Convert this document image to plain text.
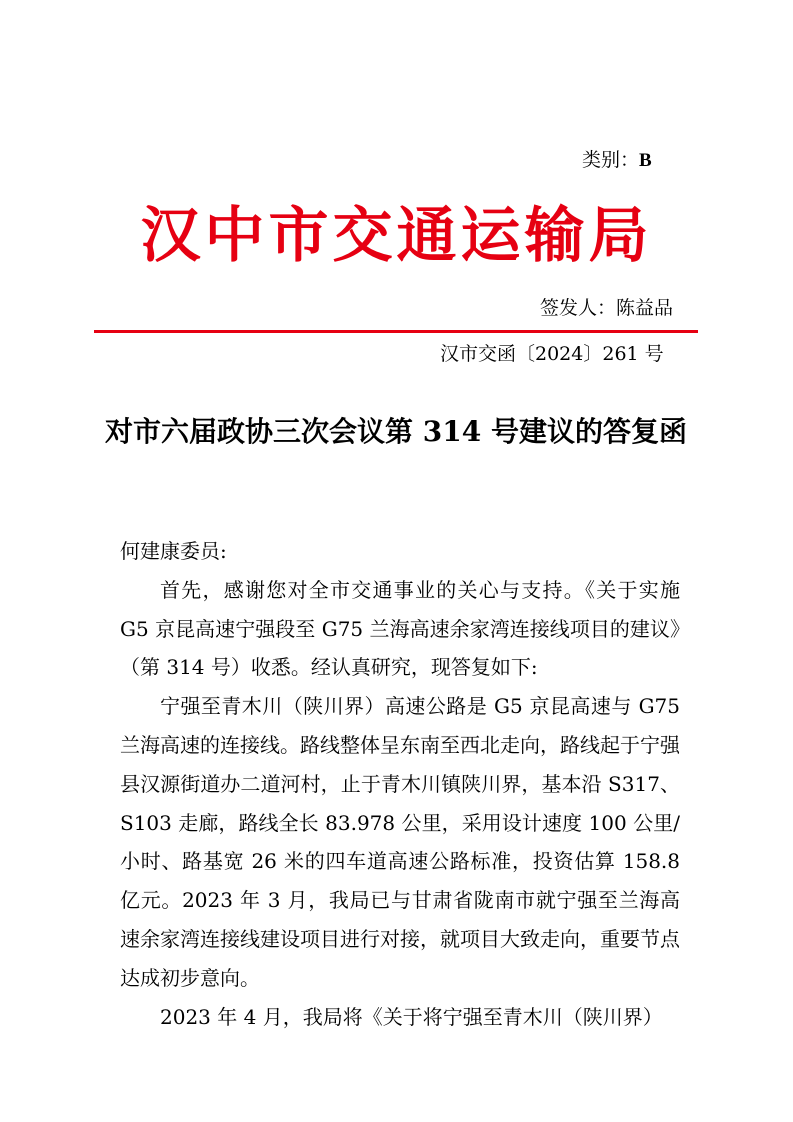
类别：B
汉中市交通运输局
签发人：陈益品
汉市交函〔2024〕261 号
对市六届政协三次会议第 314 号建议的答复函

何建康委员:

首先，感谢您对全市交通事业的关心与支持。《关于实施 G5 京昆高速宁强段至 G75 兰海高速余家湾连接线项目的建议》（第 314 号）收悉。经认真研究，现答复如下:

宁强至青木川（陕川界）高速公路是 G5 京昆高速与 G75 兰海高速的连接线。路线整体呈东南至西北走向，路线起于宁强县汉源街道办二道河村，止于青木川镇陕川界，基本沿 S317、S103 走廊，路线全长 83.978 公里，采用设计速度 100 公里/小时、路基宽 26 米的四车道高速公路标准，投资估算 158.8 亿元。2023 年 3 月，我局已与甘肃省陇南市就宁强至兰海高速余家湾连接线建设项目进行对接，就项目大致走向，重要节点达成初步意向。

2023 年 4 月，我局将《关于将宁强至青木川（陕川界）
